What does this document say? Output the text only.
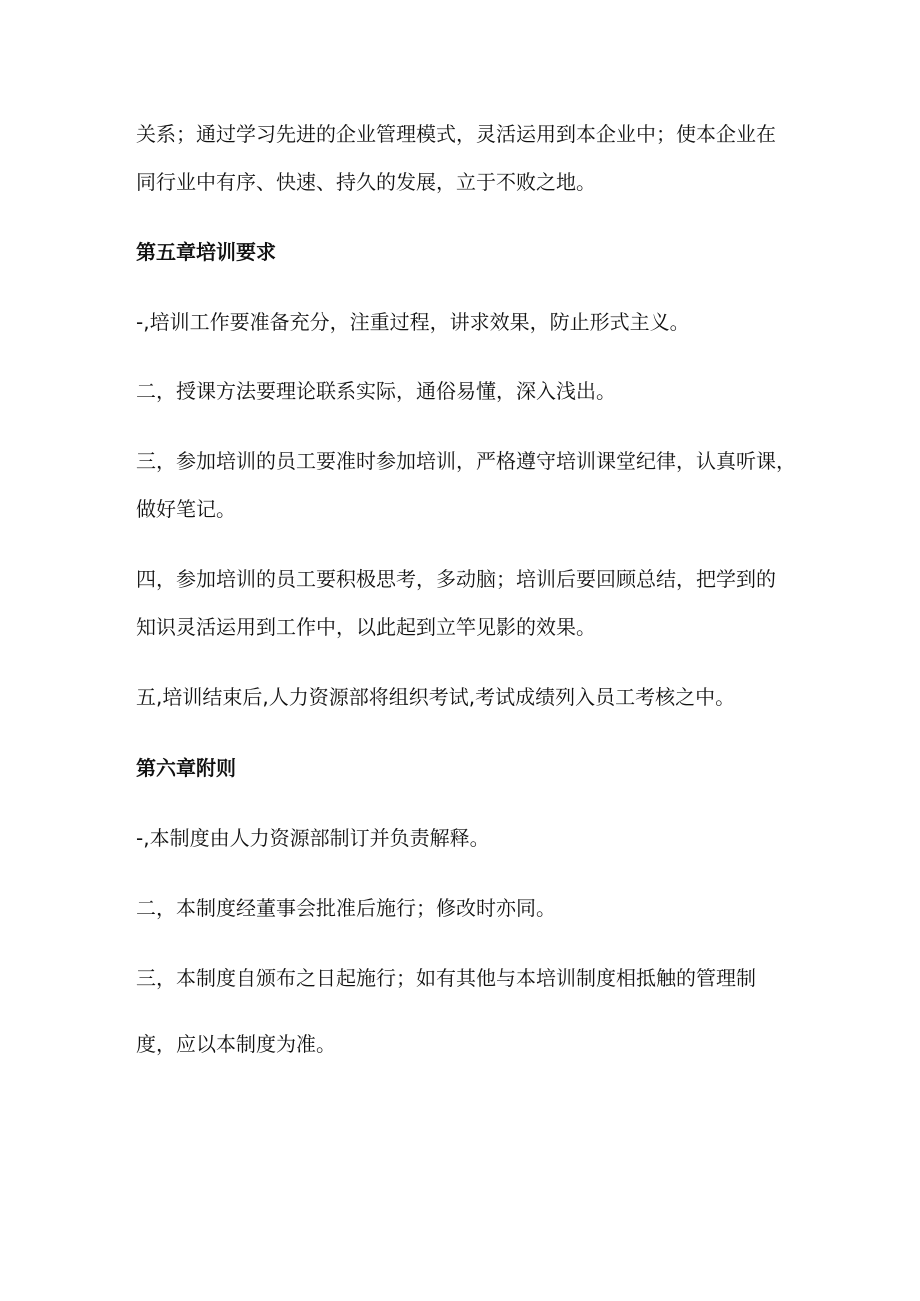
关系；通过学习先进的企业管理模式，灵活运用到本企业中；使本企业在
同行业中有序、快速、持久的发展，立于不败之地。
第五章培训要求
-,培训工作要准备充分，注重过程，讲求效果，防止形式主义。
二，授课方法要理论联系实际，通俗易懂，深入浅出。
三，参加培训的员工要准时参加培训，严格遵守培训课堂纪律，认真听课，
做好笔记。
四，参加培训的员工要积极思考，多动脑；培训后要回顾总结，把学到的
知识灵活运用到工作中，以此起到立竿见影的效果。
五,培训结束后,人力资源部将组织考试,考试成绩列入员工考核之中。
第六章附则
-,本制度由人力资源部制订并负责解释。
二，本制度经董事会批准后施行；修改时亦同。
三，本制度自颁布之日起施行；如有其他与本培训制度相抵触的管理制
度，应以本制度为准。
